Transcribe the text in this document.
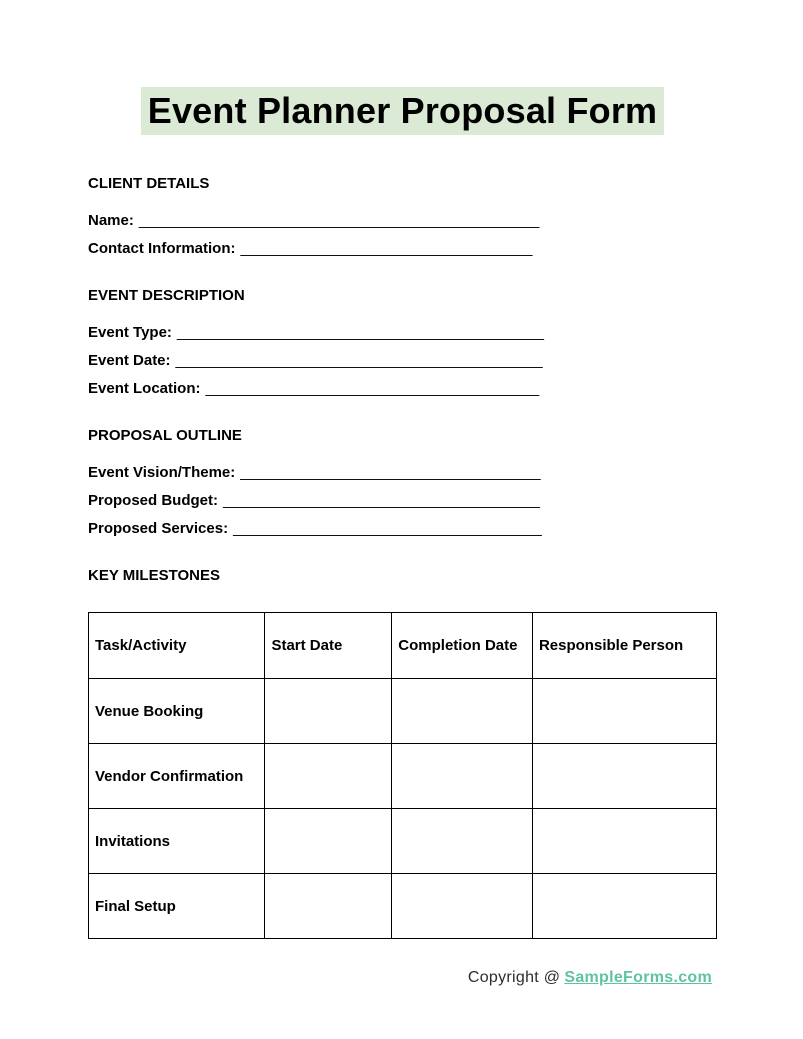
Event Planner Proposal Form
CLIENT DETAILS
Name: ________________________________________________
Contact Information: ___________________________________
EVENT DESCRIPTION
Event Type: ____________________________________________
Event Date: ____________________________________________
Event Location: ________________________________________
PROPOSAL OUTLINE
Event Vision/Theme: ____________________________________
Proposed Budget: ______________________________________
Proposed Services: _____________________________________
KEY MILESTONES
Task/Activity	Start Date	Completion Date	Responsible Person
Venue Booking			
Vendor Confirmation			
Invitations			
Final Setup			
Copyright @ SampleForms.com
